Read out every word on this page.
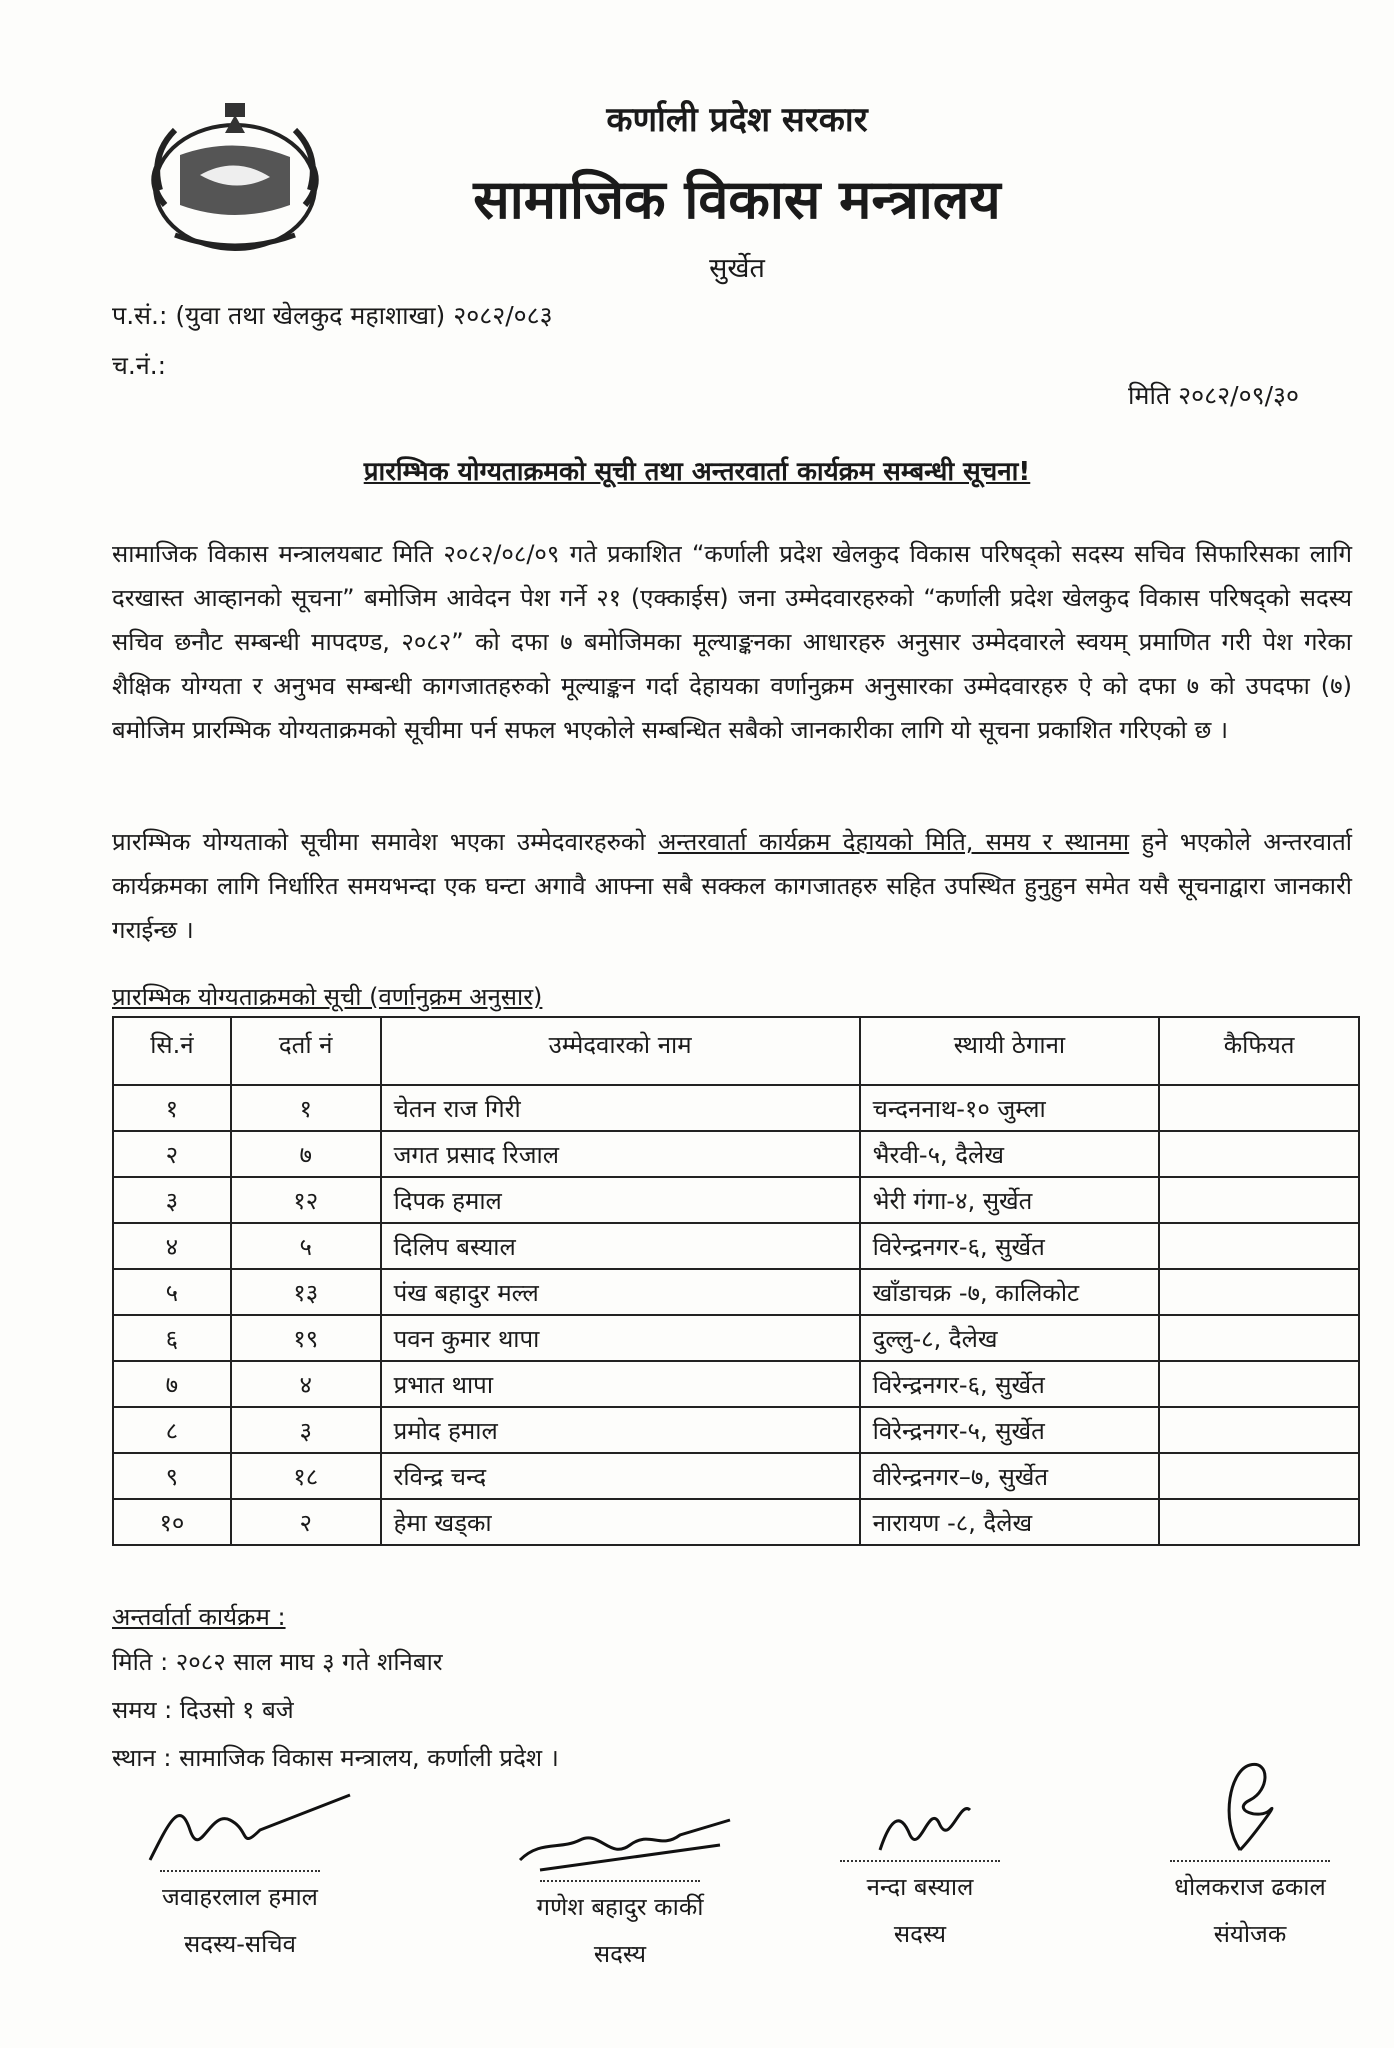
कर्णाली प्रदेश सरकार
सामाजिक विकास मन्त्रालय
सुर्खेत
प.सं.: (युवा तथा खेलकुद महाशाखा) २०८२/०८३
च.नं.:
मिति २०८२/०९/३०
प्रारम्भिक योग्यताक्रमको सूची तथा अन्तरवार्ता कार्यक्रम सम्बन्धी सूचना!
सामाजिक विकास मन्त्रालयबाट मिति २०८२/०८/०९ गते प्रकाशित “कर्णाली प्रदेश खेलकुद विकास परिषद्को सदस्य सचिव सिफारिसका लागि दरखास्त आव्हानको सूचना” बमोजिम आवेदन पेश गर्ने २१ (एक्काईस) जना उम्मेदवारहरुको “कर्णाली प्रदेश खेलकुद विकास परिषद्को सदस्य सचिव छनौट सम्बन्धी मापदण्ड, २०८२” को दफा ७ बमोजिमका मूल्याङ्कनका आधारहरु अनुसार उम्मेदवारले स्वयम् प्रमाणित गरी पेश गरेका शैक्षिक योग्यता र अनुभव सम्बन्धी कागजातहरुको मूल्याङ्कन गर्दा देहायका वर्णानुक्रम अनुसारका उम्मेदवारहरु ऐ को दफा ७ को उपदफा (७) बमोजिम प्रारम्भिक योग्यताक्रमको सूचीमा पर्न सफल भएकोले सम्बन्धित सबैको जानकारीका लागि यो सूचना प्रकाशित गरिएको छ ।
प्रारम्भिक योग्यताको सूचीमा समावेश भएका उम्मेदवारहरुको अन्तरवार्ता कार्यक्रम देहायको मिति, समय र स्थानमा हुने भएकोले अन्तरवार्ता कार्यक्रमका लागि निर्धारित समयभन्दा एक घन्टा अगावै आफ्ना सबै सक्कल कागजातहरु सहित उपस्थित हुनुहुन समेत यसै सूचनाद्वारा जानकारी गराईन्छ ।
प्रारम्भिक योग्यताक्रमको सूची (वर्णानुक्रम अनुसार)
सि.नं	दर्ता नं	उम्मेदवारको नाम	स्थायी ठेगाना	कैफियत
१	१	चेतन राज गिरी	चन्दननाथ-१० जुम्ला	
२	७	जगत प्रसाद रिजाल	भैरवी-५, दैलेख	
३	१२	दिपक हमाल	भेरी गंगा-४, सुर्खेत	
४	५	दिलिप बस्याल	विरेन्द्रनगर-६, सुर्खेत	
५	१३	पंख बहादुर मल्ल	खाँडाचक्र -७, कालिकोट	
६	१९	पवन कुमार थापा	दुल्लु-८, दैलेख	
७	४	प्रभात थापा	विरेन्द्रनगर-६, सुर्खेत	
८	३	प्रमोद हमाल	विरेन्द्रनगर-५, सुर्खेत	
९	१८	रविन्द्र चन्द	वीरेन्द्रनगर–७, सुर्खेत	
१०	२	हेमा खड्का	नारायण -८, दैलेख	
अन्तर्वार्ता कार्यक्रम :
मिति : २०८२ साल माघ ३ गते शनिबार
समय : दिउसो १ बजे
स्थान : सामाजिक विकास मन्त्रालय, कर्णाली प्रदेश ।
जवाहरलाल हमाल
सदस्य-सचिव
गणेश बहादुर कार्की
सदस्य
नन्दा बस्याल
सदस्य
धोलकराज ढकाल
संयोजक
